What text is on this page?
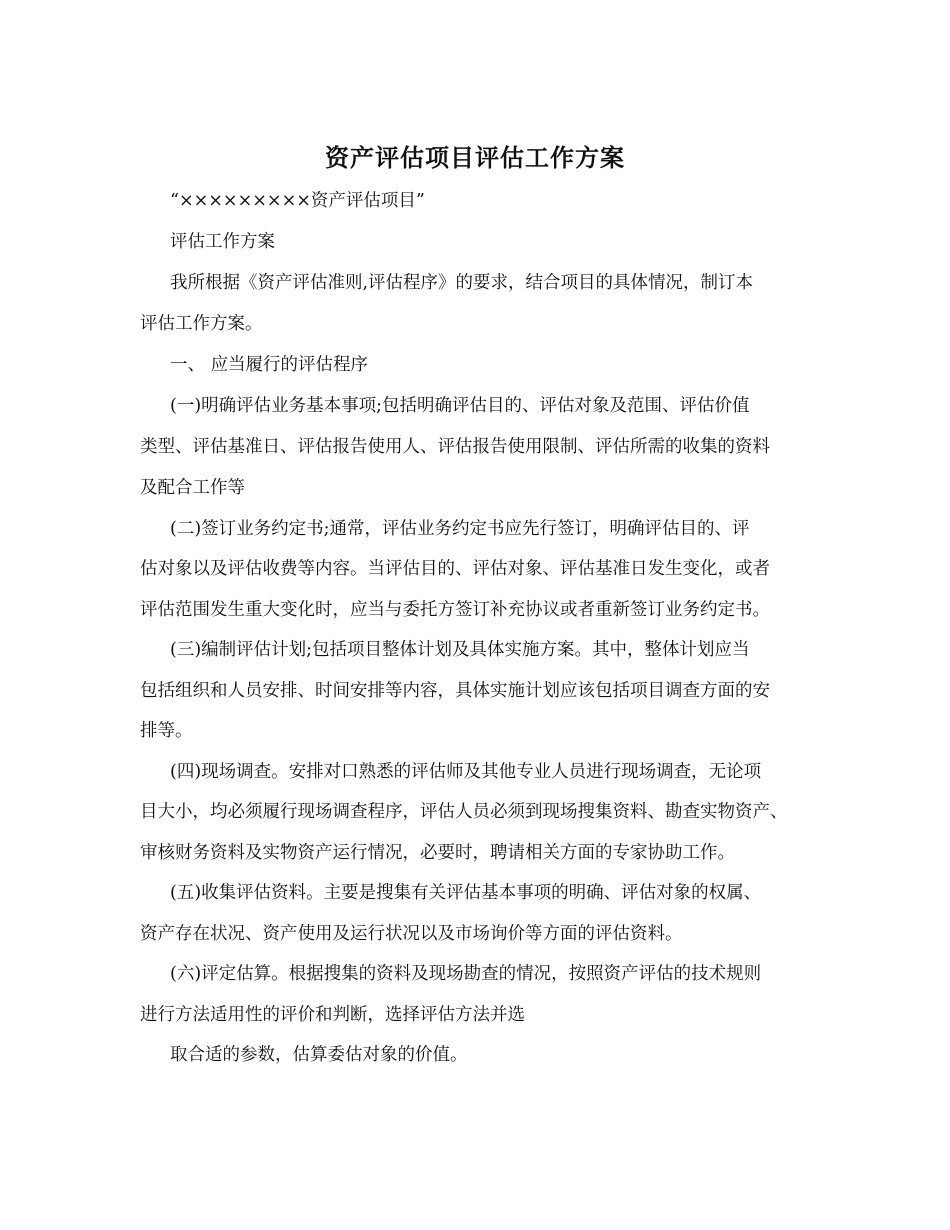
资产评估项目评估工作方案
“×××××××××资产评估项目”
评估工作方案
我所根据《资产评估准则,评估程序》的要求，结合项目的具体情况，制订本
评估工作方案。
一、 应当履行的评估程序
(一)明确评估业务基本事项;包括明确评估目的、评估对象及范围、评估价值
类型、评估基准日、评估报告使用人、评估报告使用限制、评估所需的收集的资料
及配合工作等
(二)签订业务约定书;通常，评估业务约定书应先行签订，明确评估目的、评
估对象以及评估收费等内容。当评估目的、评估对象、评估基准日发生变化，或者
评估范围发生重大变化时，应当与委托方签订补充协议或者重新签订业务约定书。
(三)编制评估计划;包括项目整体计划及具体实施方案。其中，整体计划应当
包括组织和人员安排、时间安排等内容，具体实施计划应该包括项目调查方面的安
排等。
(四)现场调查。安排对口熟悉的评估师及其他专业人员进行现场调查，无论项
目大小，均必须履行现场调查程序，评估人员必须到现场搜集资料、勘查实物资产、
审核财务资料及实物资产运行情况，必要时，聘请相关方面的专家协助工作。
(五)收集评估资料。主要是搜集有关评估基本事项的明确、评估对象的权属、
资产存在状况、资产使用及运行状况以及市场询价等方面的评估资料。
(六)评定估算。根据搜集的资料及现场勘查的情况，按照资产评估的技术规则
进行方法适用性的评价和判断，选择评估方法并选
取合适的参数，估算委估对象的价值。
